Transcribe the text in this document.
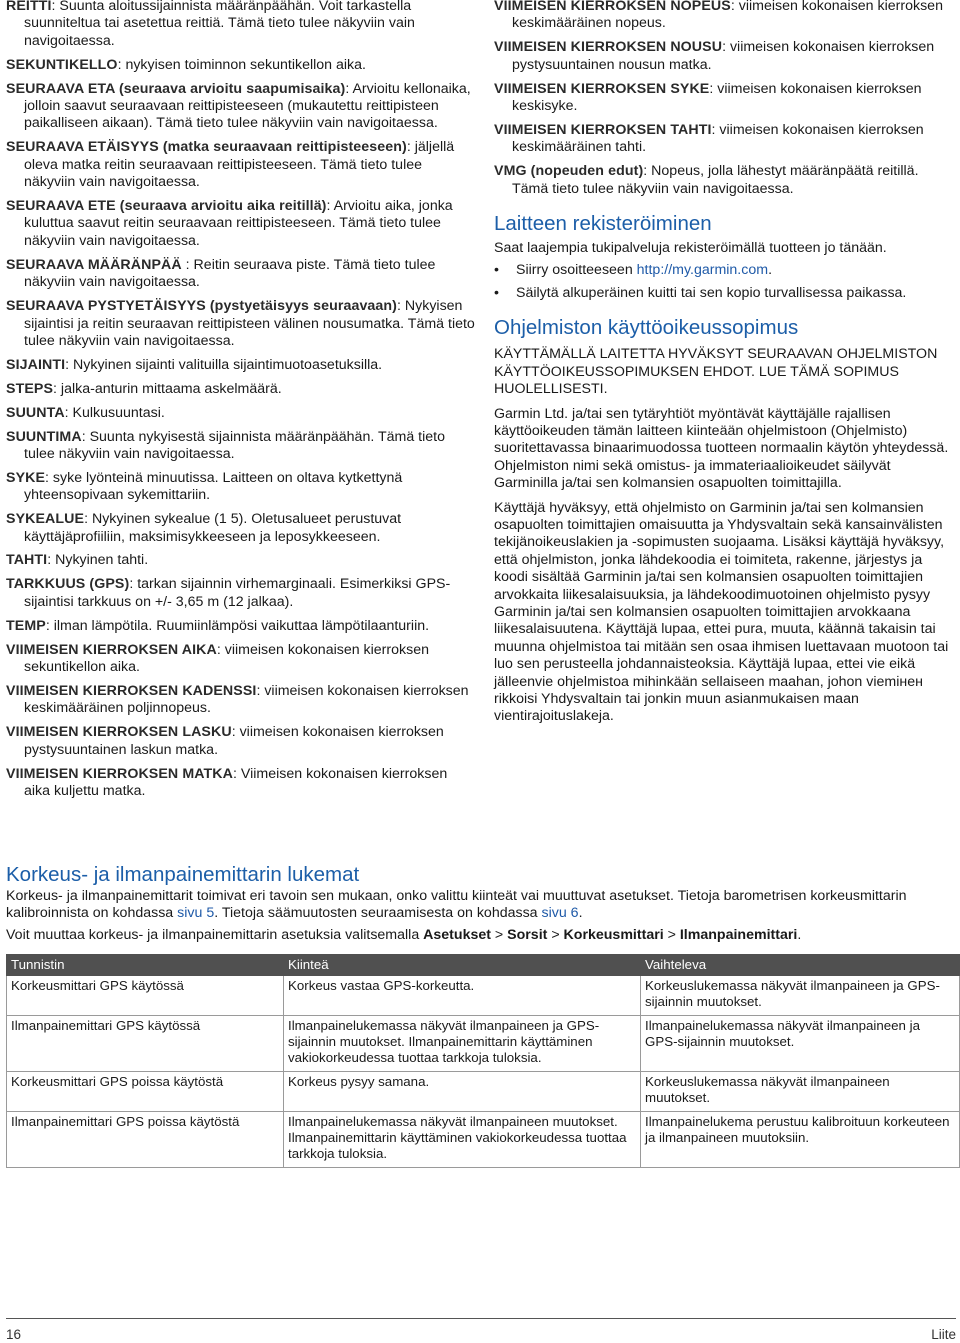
REITTI: Suunta aloitussijainnista määränpäähän. Voit tarkastella suunniteltua tai asetettua reittiä. Tämä tieto tulee näkyviin vain navigoitaessa.
SEKUNTIKELLO: nykyisen toiminnon sekuntikellon aika.
SEURAAVA ETA (seuraava arvioitu saapumisaika): Arvioitu kellonaika, jolloin saavut seuraavaan reittipisteeseen (mukautettu reittipisteen paikalliseen aikaan). Tämä tieto tulee näkyviin vain navigoitaessa.
SEURAAVA ETÄISYYS (matka seuraavaan reittipisteeseen): jäljellä oleva matka reitin seuraavaan reittipisteeseen. Tämä tieto tulee näkyviin vain navigoitaessa.
SEURAAVA ETE (seuraava arvioitu aika reitillä): Arvioitu aika, jonka kuluttua saavut reitin seuraavaan reittipisteeseen. Tämä tieto tulee näkyviin vain navigoitaessa.
SEURAAVA MÄÄRÄNPÄÄ : Reitin seuraava piste. Tämä tieto tulee näkyviin vain navigoitaessa.
SEURAAVA PYSTYETÄISYYS (pystyetäisyys seuraavaan): Nykyisen sijaintisi ja reitin seuraavan reittipisteen välinen nousumatka. Tämä tieto tulee näkyviin vain navigoitaessa.
SIJAINTI: Nykyinen sijainti valituilla sijaintimuotoasetuksilla.
STEPS: jalka-anturin mittaama askelmäärä.
SUUNTA: Kulkusuuntasi.
SUUNTIMA: Suunta nykyisestä sijainnista määränpäähän. Tämä tieto tulee näkyviin vain navigoitaessa.
SYKE: syke lyönteinä minuutissa. Laitteen on oltava kytkettynä yhteensopivaan sykemittariin.
SYKEALUE: Nykyinen sykealue (1 5). Oletusalueet perustuvat käyttäjäprofiiliin, maksimisykkeeseen ja leposykkeeseen.
TAHTI: Nykyinen tahti.
TARKKUUS (GPS): tarkan sijainnin virhemarginaali. Esimerkiksi GPS-sijaintisi tarkkuus on +/- 3,65 m (12 jalkaa).
TEMP: ilman lämpötila. Ruumiinlämpösi vaikuttaa lämpötilaanturiin.
VIIMEISEN KIERROKSEN AIKA: viimeisen kokonaisen kierroksen sekuntikellon aika.
VIIMEISEN KIERROKSEN KADENSSI: viimeisen kokonaisen kierroksen keskimääräinen poljinnopeus.
VIIMEISEN KIERROKSEN LASKU: viimeisen kokonaisen kierroksen pystysuuntainen laskun matka.
VIIMEISEN KIERROKSEN MATKA: Viimeisen kokonaisen kierroksen aika kuljettu matka.
VIIMEISEN KIERROKSEN NOPEUS: viimeisen kokonaisen kierroksen keskimääräinen nopeus.
VIIMEISEN KIERROKSEN NOUSU: viimeisen kokonaisen kierroksen pystysuuntainen nousun matka.
VIIMEISEN KIERROKSEN SYKE: viimeisen kokonaisen kierroksen keskisyke.
VIIMEISEN KIERROKSEN TAHTI: viimeisen kokonaisen kierroksen keskimääräinen tahti.
VMG (nopeuden edut): Nopeus, jolla lähestyt määränpäätä reitillä. Tämä tieto tulee näkyviin vain navigoitaessa.
Laitteen rekisteröiminen
Saat laajempia tukipalveluja rekisteröimällä tuotteen jo tänään.
• Siirry osoitteeseen http://my.garmin.com.
• Säilytä alkuperäinen kuitti tai sen kopio turvallisessa paikassa.
Ohjelmiston käyttöoikeussopimus
KÄYTTÄMÄLLÄ LAITETTA HYVÄKSYT SEURAAVAN OHJELMISTON KÄYTTÖOIKEUSSOPIMUKSEN EHDOT. LUE TÄMÄ SOPIMUS HUOLELLISESTI.
Garmin Ltd. ja/tai sen tytäryhtiöt myöntävät käyttäjälle rajallisen käyttöoikeuden tämän laitteen kiinteään ohjelmistoon (Ohjelmisto) suoritettavassa binaarimuodossa tuotteen normaalin käytön yhteydessä. Ohjelmiston nimi sekä omistus- ja immateriaalioikeudet säilyvät Garminilla ja/tai sen kolmansien osapuolten toimittajilla.
Käyttäjä hyväksyy, että ohjelmisto on Garminin ja/tai sen kolmansien osapuolten toimittajien omaisuutta ja Yhdysvaltain sekä kansainvälisten tekijänoikeuslakien ja -sopimusten suojaama. Lisäksi käyttäjä hyväksyy, että ohjelmiston, jonka lähdekoodia ei toimiteta, rakenne, järjestys ja koodi sisältää Garminin ja/tai sen kolmansien osapuolten toimittajien arvokkaita liikesalaisuuksia, ja lähdekoodimuotoinen ohjelmisto pysyy Garminin ja/tai sen kolmansien osapuolten toimittajien arvokkaana liikesalaisuutena. Käyttäjä lupaa, ettei pura, muuta, käännä takaisin tai muunna ohjelmistoa tai mitään sen osaa ihmisen luettavaan muotoon tai luo sen perusteella johdannaisteoksia. Käyttäjä lupaa, ettei vie eikä jälleenvie ohjelmistoa mihinkään sellaiseen maahan, johon viemінен rikkoisi Yhdysvaltain tai jonkin muun asianmukaisen maan vientirajoituslakeja.
Korkeus- ja ilmanpainemittarin lukemat
Korkeus- ja ilmanpainemittarit toimivat eri tavoin sen mukaan, onko valittu kiinteät vai muuttuvat asetukset. Tietoja barometrisen korkeusmittarin kalibroinnista on kohdassa sivu 5. Tietoja säämuutosten seuraamisesta on kohdassa sivu 6.
Voit muuttaa korkeus- ja ilmanpainemittarin asetuksia valitsemalla Asetukset > Sorsit > Korkeusmittari > Ilmanpainemittari.
Tunnistin	Kiinteä	Vaihteleva
Korkeusmittari GPS käytössä	Korkeus vastaa GPS-korkeutta.	Korkeuslukemassa näkyvät ilmanpaineen ja GPS-sijainnin muutokset.
Ilmanpainemittari GPS käytössä	Ilmanpainelukemassa näkyvät ilmanpaineen ja GPS-sijainnin muutokset. Ilmanpainemittarin käyttäminen vakiokorkeudessa tuottaa tarkkoja tuloksia.	Ilmanpainelukemassa näkyvät ilmanpaineen ja GPS-sijainnin muutokset.
Korkeusmittari GPS poissa käytöstä	Korkeus pysyy samana.	Korkeuslukemassa näkyvät ilmanpaineen muutokset.
Ilmanpainemittari GPS poissa käytöstä	Ilmanpainelukemassa näkyvät ilmanpaineen muutokset. Ilmanpainemittarin käyttäminen vakiokorkeudessa tuottaa tarkkoja tuloksia.	Ilmanpainelukema perustuu kalibroituun korkeuteen ja ilmanpaineen muutoksiin.
16	Liite
